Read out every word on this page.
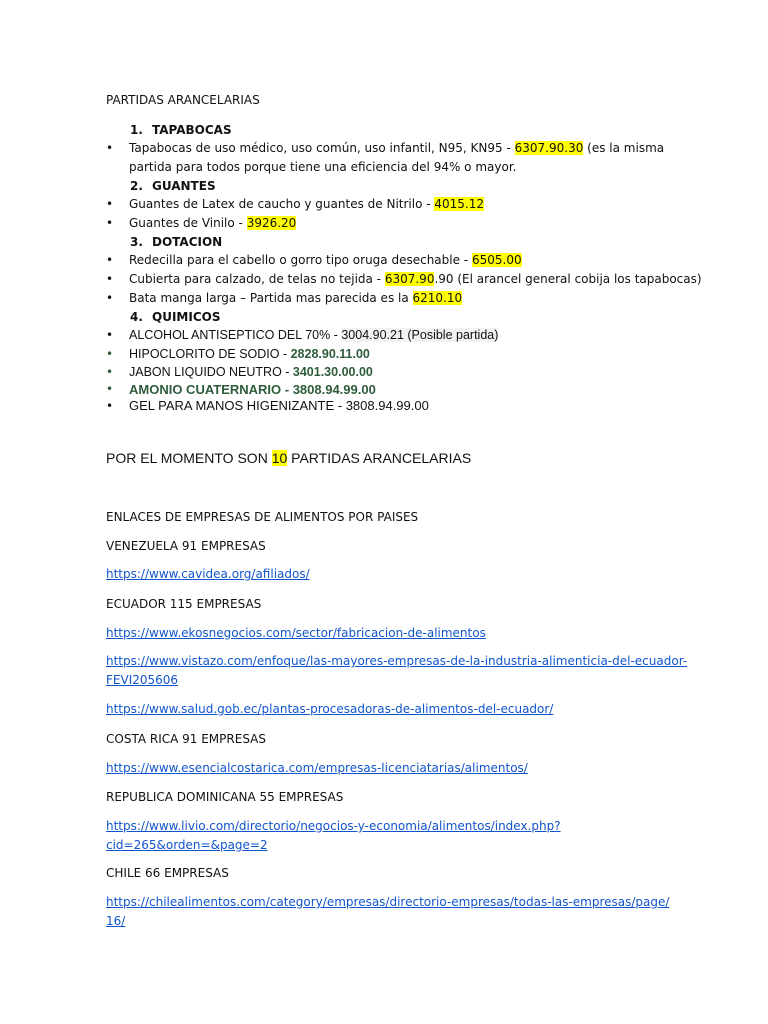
PARTIDAS ARANCELARIAS
1. TAPABOCAS
• Tapabocas de uso médico, uso común, uso infantil, N95, KN95 - 6307.90.30 (es la misma
partida para todos porque tiene una eficiencia del 94% o mayor.
2. GUANTES
• Guantes de Latex de caucho y guantes de Nitrilo - 4015.12
• Guantes de Vinilo - 3926.20
3. DOTACION
• Redecilla para el cabello o gorro tipo oruga desechable - 6505.00
• Cubierta para calzado, de telas no tejida - 6307.90.90 (El arancel general cobija los tapabocas)
• Bata manga larga – Partida mas parecida es la 6210.10
4. QUIMICOS
• ALCOHOL ANTISEPTICO DEL 70% - 3004.90.21 (Posible partida)
• HIPOCLORITO DE SODIO - 2828.90.11.00
• JABON LIQUIDO NEUTRO - 3401.30.00.00
• AMONIO CUATERNARIO - 3808.94.99.00
• GEL PARA MANOS HIGENIZANTE - 3808.94.99.00
POR EL MOMENTO SON 10 PARTIDAS ARANCELARIAS
ENLACES DE EMPRESAS DE ALIMENTOS POR PAISES
VENEZUELA 91 EMPRESAS
https://www.cavidea.org/afiliados/
ECUADOR 115 EMPRESAS
https://www.ekosnegocios.com/sector/fabricacion-de-alimentos
https://www.vistazo.com/enfoque/las-mayores-empresas-de-la-industria-alimenticia-del-ecuador-
FEVI205606
https://www.salud.gob.ec/plantas-procesadoras-de-alimentos-del-ecuador/
COSTA RICA 91 EMPRESAS
https://www.esencialcostarica.com/empresas-licenciatarias/alimentos/
REPUBLICA DOMINICANA 55 EMPRESAS
https://www.livio.com/directorio/negocios-y-economia/alimentos/index.php?
cid=265&orden=&page=2
CHILE 66 EMPRESAS
https://chilealimentos.com/category/empresas/directorio-empresas/todas-las-empresas/page/
16/
